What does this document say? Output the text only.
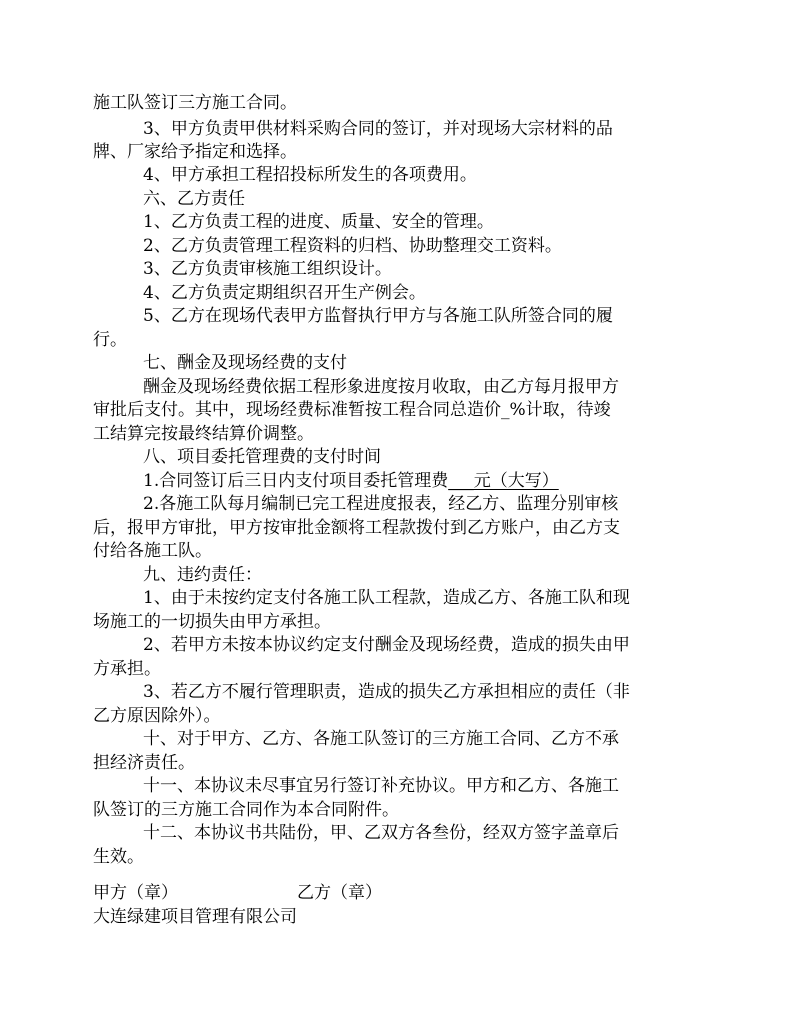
施工队签订三方施工合同。
3、甲方负责甲供材料采购合同的签订，并对现场大宗材料的品
牌、厂家给予指定和选择。
4、甲方承担工程招投标所发生的各项费用。
六、乙方责任
1、乙方负责工程的进度、质量、安全的管理。
2、乙方负责管理工程资料的归档、协助整理交工资料。
3、乙方负责审核施工组织设计。
4、乙方负责定期组织召开生产例会。
5、乙方在现场代表甲方监督执行甲方与各施工队所签合同的履
行。
七、酬金及现场经费的支付
酬金及现场经费依据工程形象进度按月收取，由乙方每月报甲方
审批后支付。其中，现场经费标准暂按工程合同总造价_%计取，待竣
工结算完按最终结算价调整。
八、项目委托管理费的支付时间
1.合同签订后三日内支付项目委托管理费___元（大写）
2.各施工队每月编制已完工程进度报表，经乙方、监理分别审核
后，报甲方审批，甲方按审批金额将工程款拨付到乙方账户，由乙方支
付给各施工队。
九、违约责任：
1、由于未按约定支付各施工队工程款，造成乙方、各施工队和现
场施工的一切损失由甲方承担。
2、若甲方未按本协议约定支付酬金及现场经费，造成的损失由甲
方承担。
3、若乙方不履行管理职责，造成的损失乙方承担相应的责任（非
乙方原因除外）。
十、对于甲方、乙方、各施工队签订的三方施工合同、乙方不承
担经济责任。
十一、本协议未尽事宜另行签订补充协议。甲方和乙方、各施工
队签订的三方施工合同作为本合同附件。
十二、本协议书共陆份，甲、乙双方各叁份，经双方签字盖章后
生效。
甲方（章）	乙方（章）
大连绿建项目管理有限公司
